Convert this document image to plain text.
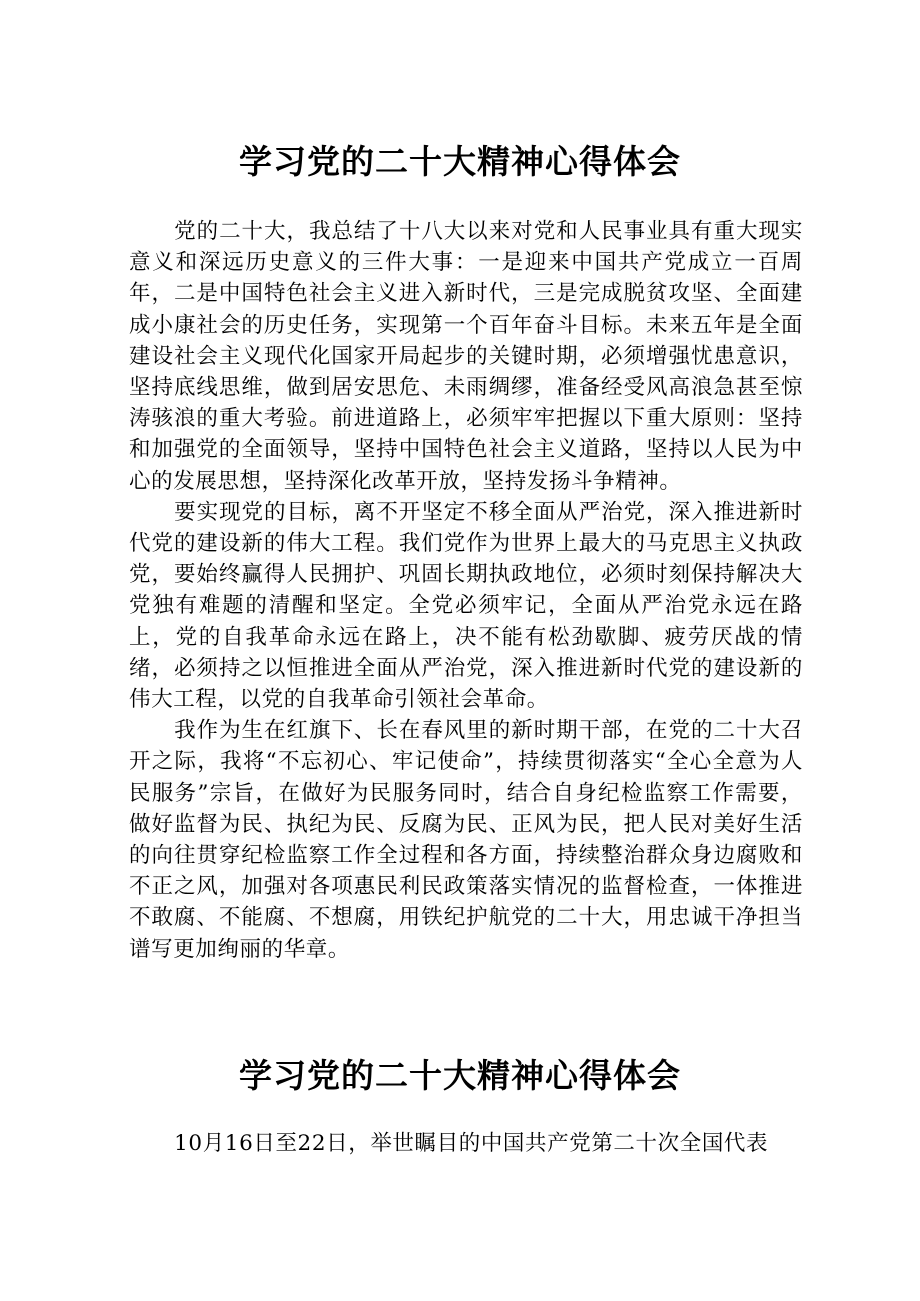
学习党的二十大精神心得体会

党的二十大，我总结了十八大以来对党和人民事业具有重大现实意义和深远历史意义的三件大事：一是迎来中国共产党成立一百周年，二是中国特色社会主义进入新时代，三是完成脱贫攻坚、全面建成小康社会的历史任务，实现第一个百年奋斗目标。未来五年是全面建设社会主义现代化国家开局起步的关键时期，必须增强忧患意识，坚持底线思维，做到居安思危、未雨绸缪，准备经受风高浪急甚至惊涛骇浪的重大考验。前进道路上，必须牢牢把握以下重大原则：坚持和加强党的全面领导，坚持中国特色社会主义道路，坚持以人民为中心的发展思想，坚持深化改革开放，坚持发扬斗争精神。

要实现党的目标，离不开坚定不移全面从严治党，深入推进新时代党的建设新的伟大工程。我们党作为世界上最大的马克思主义执政党，要始终赢得人民拥护、巩固长期执政地位，必须时刻保持解决大党独有难题的清醒和坚定。全党必须牢记，全面从严治党永远在路上，党的自我革命永远在路上，决不能有松劲歇脚、疲劳厌战的情绪，必须持之以恒推进全面从严治党，深入推进新时代党的建设新的伟大工程，以党的自我革命引领社会革命。

我作为生在红旗下、长在春风里的新时期干部，在党的二十大召开之际，我将“不忘初心、牢记使命”，持续贯彻落实“全心全意为人民服务”宗旨，在做好为民服务同时，结合自身纪检监察工作需要，做好监督为民、执纪为民、反腐为民、正风为民，把人民对美好生活的向往贯穿纪检监察工作全过程和各方面，持续整治群众身边腐败和不正之风，加强对各项惠民利民政策落实情况的监督检查，一体推进不敢腐、不能腐、不想腐，用铁纪护航党的二十大，用忠诚干净担当谱写更加绚丽的华章。

学习党的二十大精神心得体会

10月16日至22日，举世瞩目的中国共产党第二十次全国代表
